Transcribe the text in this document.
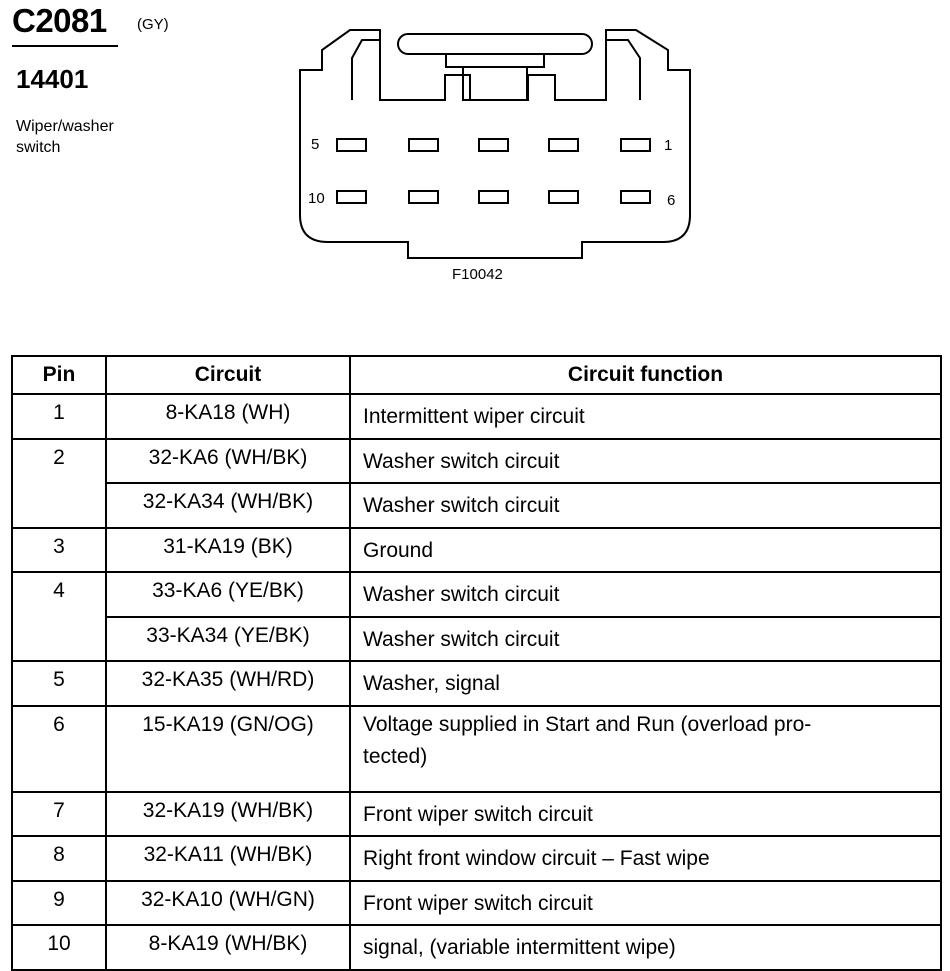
C2081 (GY)
14401
Wiper/washer
switch	5	1
10	6
F10042
Pin	Circuit	Circuit function
1	8-KA18 (WH)	Intermittent wiper circuit
2	32-KA6 (WH/BK)	Washer switch circuit
	32-KA34 (WH/BK)	Washer switch circuit
3	31-KA19 (BK)	Ground
4	33-KA6 (YE/BK)	Washer switch circuit
	33-KA34 (YE/BK)	Washer switch circuit
5	32-KA35 (WH/RD)	Washer, signal
6	15-KA19 (GN/OG)	Voltage supplied in Start and Run (overload pro-
tected)
7	32-KA19 (WH/BK)	Front wiper switch circuit
8	32-KA11 (WH/BK)	Right front window circuit – Fast wipe
9	32-KA10 (WH/GN)	Front wiper switch circuit
10	8-KA19 (WH/BK)	signal, (variable intermittent wipe)
